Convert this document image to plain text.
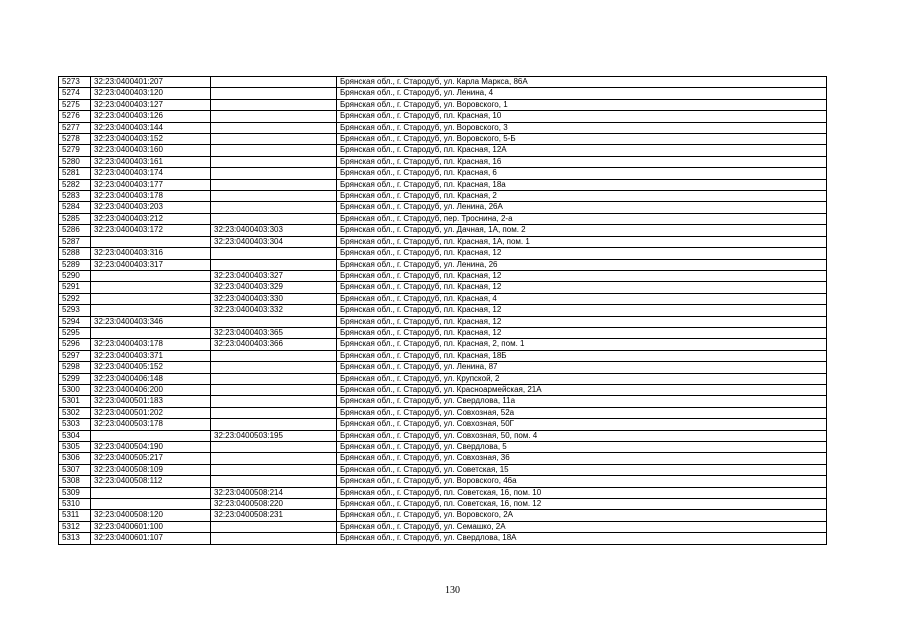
5273	32:23:0400401:207		Брянская обл., г. Стародуб, ул. Карла Маркса, 86А
5274	32:23:0400403:120		Брянская обл., г. Стародуб, ул. Ленина, 4
5275	32:23:0400403:127		Брянская обл., г. Стародуб, ул. Воровского, 1
5276	32:23:0400403:126		Брянская обл., г. Стародуб, пл. Красная, 10
5277	32:23:0400403:144		Брянская обл., г. Стародуб, ул. Воровского, 3
5278	32:23:0400403:152		Брянская обл., г. Стародуб, ул. Воровского, 5-Б
5279	32:23:0400403:160		Брянская обл., г. Стародуб, пл. Красная, 12А
5280	32:23:0400403:161		Брянская обл., г. Стародуб, пл. Красная, 16
5281	32:23:0400403:174		Брянская обл., г. Стародуб, пл. Красная, 6
5282	32:23:0400403:177		Брянская обл., г. Стародуб, пл. Красная, 18а
5283	32:23:0400403:178		Брянская обл., г. Стародуб, пл. Красная, 2
5284	32:23:0400403:203		Брянская обл., г. Стародуб, ул. Ленина, 26А
5285	32:23:0400403:212		Брянская обл., г. Стародуб, пер. Троснина, 2-а
5286	32:23:0400403:172	32:23:0400403:303	Брянская обл., г. Стародуб, ул. Дачная, 1А, пом. 2
5287		32:23:0400403:304	Брянская обл., г. Стародуб, пл. Красная, 1А, пом. 1
5288	32:23:0400403:316		Брянская обл., г. Стародуб, пл. Красная, 12
5289	32:23:0400403:317		Брянская обл., г. Стародуб, ул. Ленина, 26
5290		32:23:0400403:327	Брянская обл., г. Стародуб, пл. Красная, 12
5291		32:23:0400403:329	Брянская обл., г. Стародуб, пл. Красная, 12
5292		32:23:0400403:330	Брянская обл., г. Стародуб, пл. Красная, 4
5293		32:23:0400403:332	Брянская обл., г. Стародуб, пл. Красная, 12
5294	32:23:0400403:346		Брянская обл., г. Стародуб, пл. Красная, 12
5295		32:23:0400403:365	Брянская обл., г. Стародуб, пл. Красная, 12
5296	32:23:0400403:178	32:23:0400403:366	Брянская обл., г. Стародуб, пл. Красная, 2, пом. 1
5297	32:23:0400403:371		Брянская обл., г. Стародуб, пл. Красная, 18Б
5298	32:23:0400405:152		Брянская обл., г. Стародуб, ул. Ленина, 87
5299	32:23:0400406:148		Брянская обл., г. Стародуб, ул. Крупской, 2
5300	32:23:0400406:200		Брянская обл., г. Стародуб, ул. Красноармейская, 21А
5301	32:23:0400501:183		Брянская обл., г. Стародуб, ул. Свердлова, 11а
5302	32:23:0400501:202		Брянская обл., г. Стародуб, ул. Совхозная, 52а
5303	32:23:0400503:178		Брянская обл., г. Стародуб, ул. Совхозная, 50Г
5304		32:23:0400503:195	Брянская обл., г. Стародуб, ул. Совхозная, 50, пом. 4
5305	32:23:0400504:190		Брянская обл., г. Стародуб, ул. Свердлова, 5
5306	32:23:0400505:217		Брянская обл., г. Стародуб, ул. Совхозная, 36
5307	32:23:0400508:109		Брянская обл., г. Стародуб, ул. Советская, 15
5308	32:23:0400508:112		Брянская обл., г. Стародуб, ул. Воровского, 46а
5309		32:23:0400508:214	Брянская обл., г. Стародуб, пл. Советская, 16, пом. 10
5310		32:23:0400508:220	Брянская обл., г. Стародуб, пл. Советская, 16, пом. 12
5311	32:23:0400508:120	32:23:0400508:231	Брянская обл., г. Стародуб, ул. Воровского, 2А
5312	32:23:0400601:100		Брянская обл., г. Стародуб, ул. Семашко, 2А
5313	32:23:0400601:107		Брянская обл., г. Стародуб, ул. Свердлова, 18А
130
